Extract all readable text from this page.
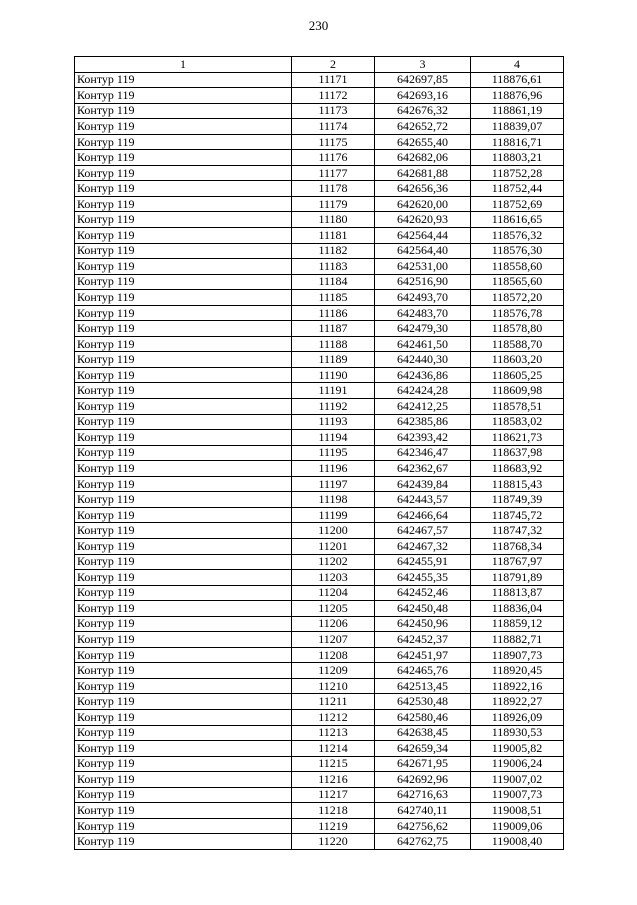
230
1	2	3	4
Контур 119	11171	642697,85	118876,61
Контур 119	11172	642693,16	118876,96
Контур 119	11173	642676,32	118861,19
Контур 119	11174	642652,72	118839,07
Контур 119	11175	642655,40	118816,71
Контур 119	11176	642682,06	118803,21
Контур 119	11177	642681,88	118752,28
Контур 119	11178	642656,36	118752,44
Контур 119	11179	642620,00	118752,69
Контур 119	11180	642620,93	118616,65
Контур 119	11181	642564,44	118576,32
Контур 119	11182	642564,40	118576,30
Контур 119	11183	642531,00	118558,60
Контур 119	11184	642516,90	118565,60
Контур 119	11185	642493,70	118572,20
Контур 119	11186	642483,70	118576,78
Контур 119	11187	642479,30	118578,80
Контур 119	11188	642461,50	118588,70
Контур 119	11189	642440,30	118603,20
Контур 119	11190	642436,86	118605,25
Контур 119	11191	642424,28	118609,98
Контур 119	11192	642412,25	118578,51
Контур 119	11193	642385,86	118583,02
Контур 119	11194	642393,42	118621,73
Контур 119	11195	642346,47	118637,98
Контур 119	11196	642362,67	118683,92
Контур 119	11197	642439,84	118815,43
Контур 119	11198	642443,57	118749,39
Контур 119	11199	642466,64	118745,72
Контур 119	11200	642467,57	118747,32
Контур 119	11201	642467,32	118768,34
Контур 119	11202	642455,91	118767,97
Контур 119	11203	642455,35	118791,89
Контур 119	11204	642452,46	118813,87
Контур 119	11205	642450,48	118836,04
Контур 119	11206	642450,96	118859,12
Контур 119	11207	642452,37	118882,71
Контур 119	11208	642451,97	118907,73
Контур 119	11209	642465,76	118920,45
Контур 119	11210	642513,45	118922,16
Контур 119	11211	642530,48	118922,27
Контур 119	11212	642580,46	118926,09
Контур 119	11213	642638,45	118930,53
Контур 119	11214	642659,34	119005,82
Контур 119	11215	642671,95	119006,24
Контур 119	11216	642692,96	119007,02
Контур 119	11217	642716,63	119007,73
Контур 119	11218	642740,11	119008,51
Контур 119	11219	642756,62	119009,06
Контур 119	11220	642762,75	119008,40
